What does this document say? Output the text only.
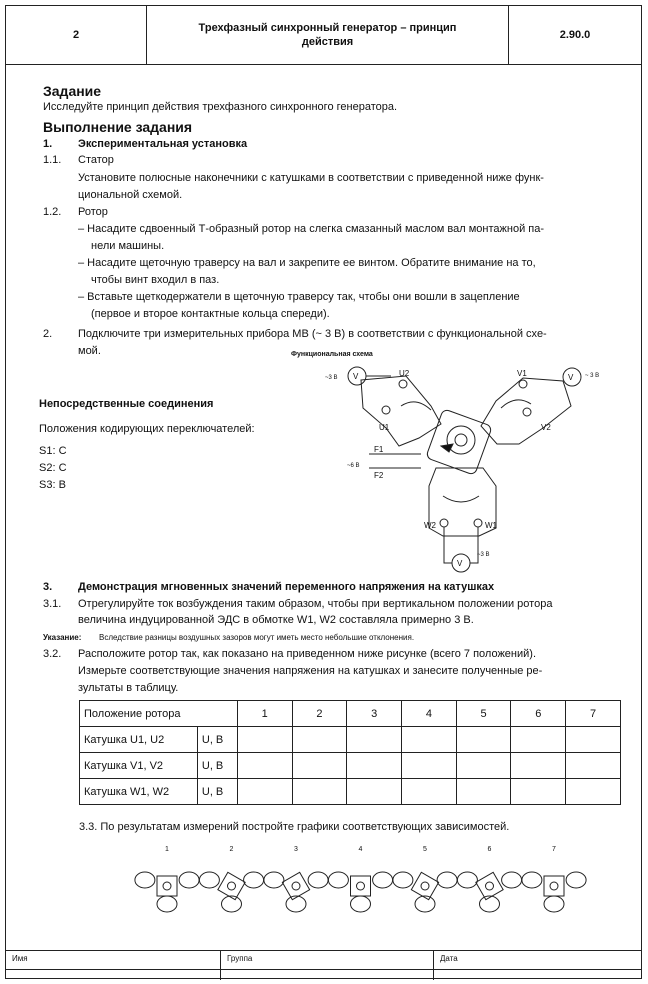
2
Трехфазный синхронный генератор – принцип действия
2.90.0
Задание
Исследуйте принцип действия трехфазного синхронного генератора.
Выполнение задания
1. Экспериментальная установка
1.1. Статор
Установите полюсные наконечники с катушками в соответствии с приведенной ниже функ-
циональной схемой.
1.2. Ротор
– Насадите сдвоенный Т-образный ротор на слегка смазанный маслом вал монтажной па-
нели машины.
– Насадите щеточную траверсу на вал и закрепите ее винтом. Обратите внимание на то,
чтобы винт входил в паз.
– Вставьте щеткодержатели в щеточную траверсу так, чтобы они вошли в зацепление
(первое и второе контактные кольца спереди).
2. Подключите три измерительных прибора МВ (~ 3 В) в соответствии с функциональной схе-
мой.
Непосредственные соединения
Положения кодирующих переключателей:
S1: C
S2: C
S3: B
Функциональная схема
V
~3 В	V ~ 3 В
V
~3 В
~6 В
F1
F2
U2
U1
V1
V2
W2	W1
3. Демонстрация мгновенных значений переменного напряжения на катушках
3.1. Отрегулируйте ток возбуждения таким образом, чтобы при вертикальном положении ротора
величина индуцированной ЭДС в обмотке W1, W2 составляла примерно 3 В.
Указание: Вследствие разницы воздушных зазоров могут иметь место небольшие отклонения.
3.2. Расположите ротор так, как показано на приведенном ниже рисунке (всего 7 положений).
Измерьте соответствующие значения напряжения на катушках и занесите полученные ре-
зультаты в таблицу.
Положение ротора		1	2	3	4	5	6	7
Катушка U1, U2	U, В							
Катушка V1, V2	U, В							
Катушка W1, W2	U, В							
3.3. По результатам измерений постройте графики соответствующих зависимостей.
1	2	3	4	5	6	7
Имя	Группа	Дата
